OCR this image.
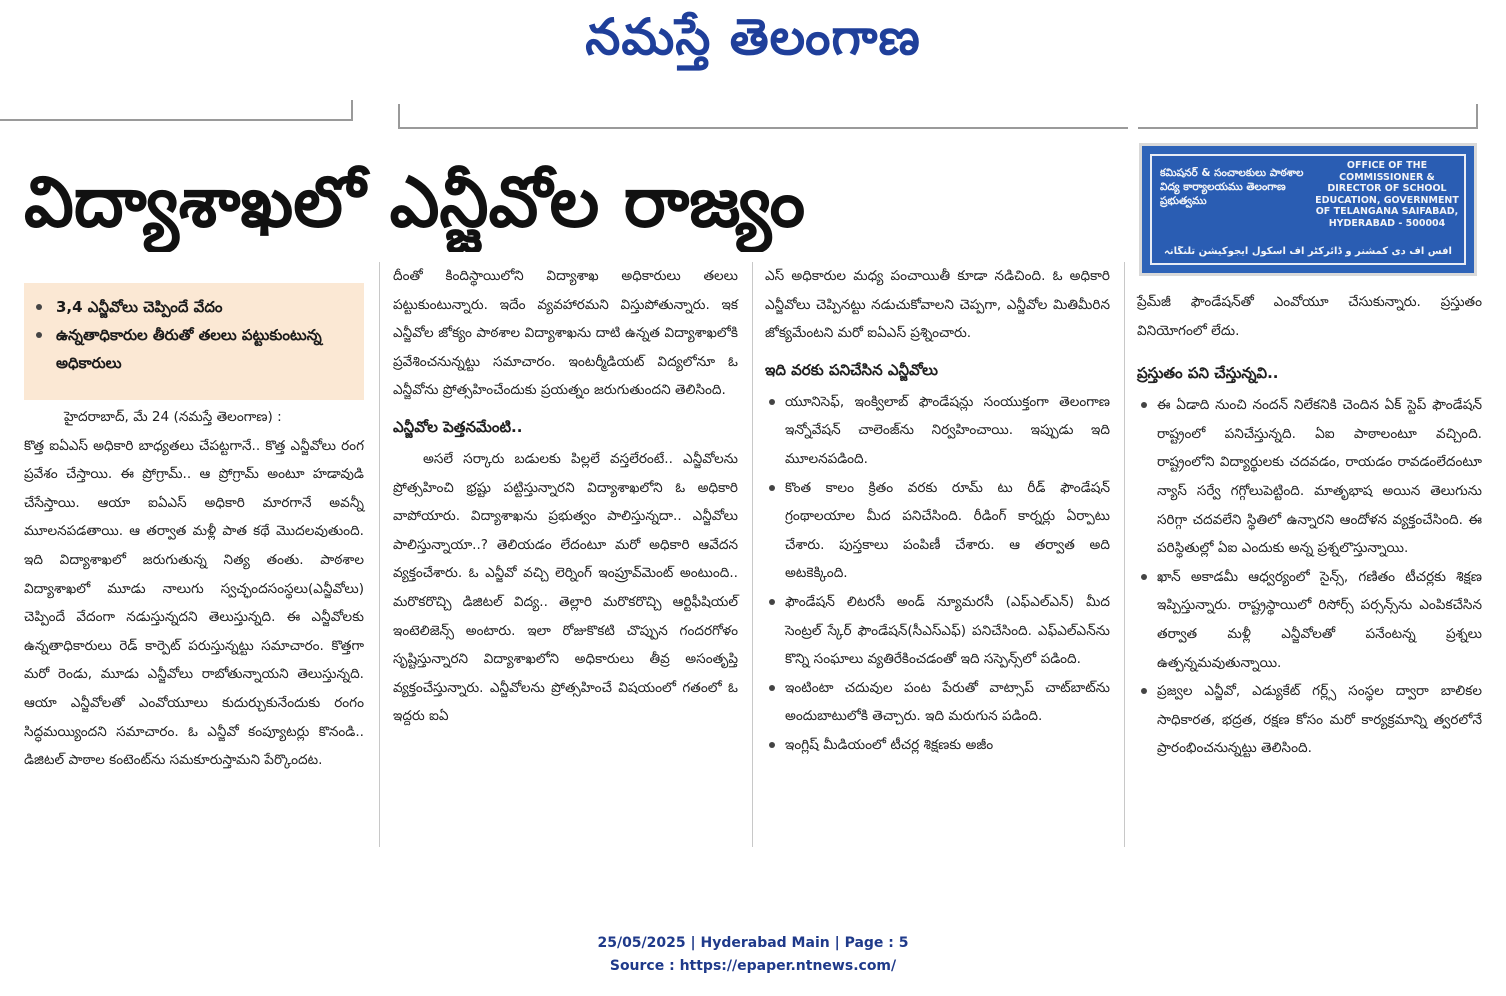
నమస్తే తెలంగాణ
విద్యాశాఖలో ఎన్జీవోల రాజ్యం	కమిషనర్ & సంచాలకులు పాఠశాల విద్య కార్యాలయము తెలంగాణ ప్రభుత్వము
OFFICE OF THE COMMISSIONER & DIRECTOR OF SCHOOL EDUCATION, GOVERNMENT OF TELANGANA SAIFABAD, HYDERABAD - 500004
آفس آف دی کمشنر و ڈائرکٹر آف اسکول ایجوکیشن تلنگانہ
3,4 ఎన్జీవోలు చెప్పిందే వేదం
ఉన్నతాధికారుల తీరుతో తలలు పట్టుకుంటున్న అధికారులు

హైదరాబాద్, మే 24 (నమస్తే తెలంగాణ) :

కొత్త ఐఏఎస్ అధికారి బాధ్యతలు చేపట్టగానే.. కొత్త ఎన్జీవోలు రంగ ప్రవేశం చేస్తాయి. ఈ ప్రోగ్రామ్.. ఆ ప్రోగ్రామ్ అంటూ హడావుడి చేసేస్తాయి. ఆయా ఐఏఎస్ అధికారి మారగానే అవన్నీ మూలనపడతాయి. ఆ తర్వాత మళ్లీ పాత కథే మొదలవుతుంది. ఇది విద్యాశాఖలో జరుగుతున్న నిత్య తంతు. పాఠశాల విద్యాశాఖలో మూడు నాలుగు స్వచ్ఛందసంస్థలు(ఎన్జీవోలు) చెప్పిందే వేదంగా నడుస్తున్నదని తెలుస్తున్నది. ఈ ఎన్జీవోలకు ఉన్నతాధికారులు రెడ్ కార్పెట్ పరుస్తున్నట్టు సమాచారం. కొత్తగా మరో రెండు, మూడు ఎన్జీవోలు రాబోతున్నాయని తెలుస్తున్నది. ఆయా ఎన్జీవోలతో ఎంవోయూలు కుదుర్చుకునేందుకు రంగం సిద్ధమయ్యిందని సమాచారం. ఓ ఎన్జీవో కంప్యూటర్లు కొనండి.. డిజిటల్ పాఠాల కంటెంట్‌ను సమకూరుస్తామని పేర్కొందట.

దీంతో కిందిస్థాయిలోని విద్యాశాఖ అధికారులు తలలు పట్టుకుంటున్నారు. ఇదేం వ్యవహారమని విస్తుపోతున్నారు. ఇక ఎన్జీవోల జోక్యం పాఠశాల విద్యాశాఖను దాటి ఉన్నత విద్యాశాఖలోకి ప్రవేశించనున్నట్టు సమాచారం. ఇంటర్మీడియట్ విద్యలోనూ ఓ ఎన్జీవోను ప్రోత్సహించేందుకు ప్రయత్నం జరుగుతుందని తెలిసింది.

ఎన్జీవోల పెత్తనమేంటి..

అసలే సర్కారు బడులకు పిల్లలే వస్తలేరంటే.. ఎన్జీవోలను ప్రోత్సహించి భ్రష్టు పట్టిస్తున్నారని విద్యాశాఖలోని ఓ అధికారి వాపోయారు. విద్యాశాఖను ప్రభుత్వం పాలిస్తున్నదా.. ఎన్జీవోలు పాలిస్తున్నాయా..? తెలియడం లేదంటూ మరో అధికారి ఆవేదన వ్యక్తంచేశారు. ఓ ఎన్జీవో వచ్చి లెర్నింగ్ ఇంప్రూవ్‌మెంట్ అంటుంది.. మరొకరొచ్చి డిజిటల్ విద్య.. తెల్లారి మరొకరొచ్చి ఆర్టిఫీషియల్ ఇంటెలిజెన్స్ అంటారు. ఇలా రోజుకొకటి చొప్పున గందరగోళం సృష్టిస్తున్నారని విద్యాశాఖలోని అధికారులు తీవ్ర అసంతృప్తి వ్యక్తంచేస్తున్నారు. ఎన్జీవోలను ప్రోత్సహించే విషయంలో గతంలో ఓ ఇద్దరు ఐఏ

ఎస్ అధికారుల మధ్య పంచాయితీ కూడా నడిచింది. ఓ అధికారి ఎన్జీవోలు చెప్పినట్టు నడుచుకోవాలని చెప్పగా, ఎన్జీవోల మితిమీరిన జోక్యమేంటని మరో ఐఏఎస్ ప్రశ్నించారు.

ఇది వరకు పనిచేసిన ఎన్జీవోలు
యూనిసెఫ్, ఇంక్విలాబ్ ఫౌండేషన్లు సంయుక్తంగా తెలంగాణ ఇన్నోవేషన్ చాలెంజ్‌ను నిర్వహించాయి. ఇప్పుడు ఇది మూలనపడింది.
కొంత కాలం క్రితం వరకు రూమ్ టు రీడ్ ఫౌండేషన్ గ్రంథాలయాల మీద పనిచేసింది. రీడింగ్ కార్నర్లు ఏర్పాటు చేశారు. పుస్తకాలు పంపిణీ చేశారు. ఆ తర్వాత అది అటకెక్కింది.
ఫౌండేషన్ లిటరసీ అండ్ న్యూమరసీ (ఎఫ్ఎల్ఎన్) మీద సెంట్రల్ స్కేర్ ఫౌండేషన్(సీఎస్ఎఫ్) పనిచేసింది. ఎఫ్ఎల్ఎన్‌ను కొన్ని సంఘాలు వ్యతిరేకించడంతో ఇది సస్పెన్స్‌లో పడింది.
ఇంటింటా చదువుల పంట పేరుతో వాట్సాప్ చాట్‌బాట్‌ను అందుబాటులోకి తెచ్చారు. ఇది మరుగున పడింది.
ఇంగ్లిష్ మీడియంలో టీచర్ల శిక్షణకు అజీం

ప్రేమ్‌జీ ఫౌండేషన్‌తో ఎంవోయూ చేసుకున్నారు. ప్రస్తుతం వినియోగంలో లేదు.

ప్రస్తుతం పని చేస్తున్నవి..
ఈ ఏడాది నుంచి నందన్ నిలేకనికి చెందిన ఏక్ స్టెప్ ఫౌండేషన్ రాష్ట్రంలో పనిచేస్తున్నది. ఏఐ పాఠాలంటూ వచ్చింది. రాష్ట్రంలోని విద్యార్థులకు చదవడం, రాయడం రావడంలేదంటూ న్యాస్ సర్వే గగ్గోలుపెట్టింది. మాతృభాష అయిన తెలుగును సరిగ్గా చదవలేని స్థితిలో ఉన్నారని ఆందోళన వ్యక్తంచేసింది. ఈ పరిస్థితుల్లో ఏఐ ఎందుకు అన్న ప్రశ్నలొస్తున్నాయి.
ఖాన్ అకాడమీ ఆధ్వర్యంలో సైన్స్, గణితం టీచర్లకు శిక్షణ ఇప్పిస్తున్నారు. రాష్ట్రస్థాయిలో రిసోర్స్ పర్సన్స్‌ను ఎంపికచేసిన తర్వాత మళ్లీ ఎన్జీవోలతో పనేంటన్న ప్రశ్నలు ఉత్పన్నమవుతున్నాయి.
ప్రజ్వల ఎన్జీవో, ఎడ్యుకేట్ గర్ల్స్ సంస్థల ద్వారా బాలికల సాధికారత, భద్రత, రక్షణ కోసం మరో కార్యక్రమాన్ని త్వరలోనే ప్రారంభించనున్నట్టు తెలిసింది.
25/05/2025 | Hyderabad Main | Page : 5
Source : https://epaper.ntnews.com/
